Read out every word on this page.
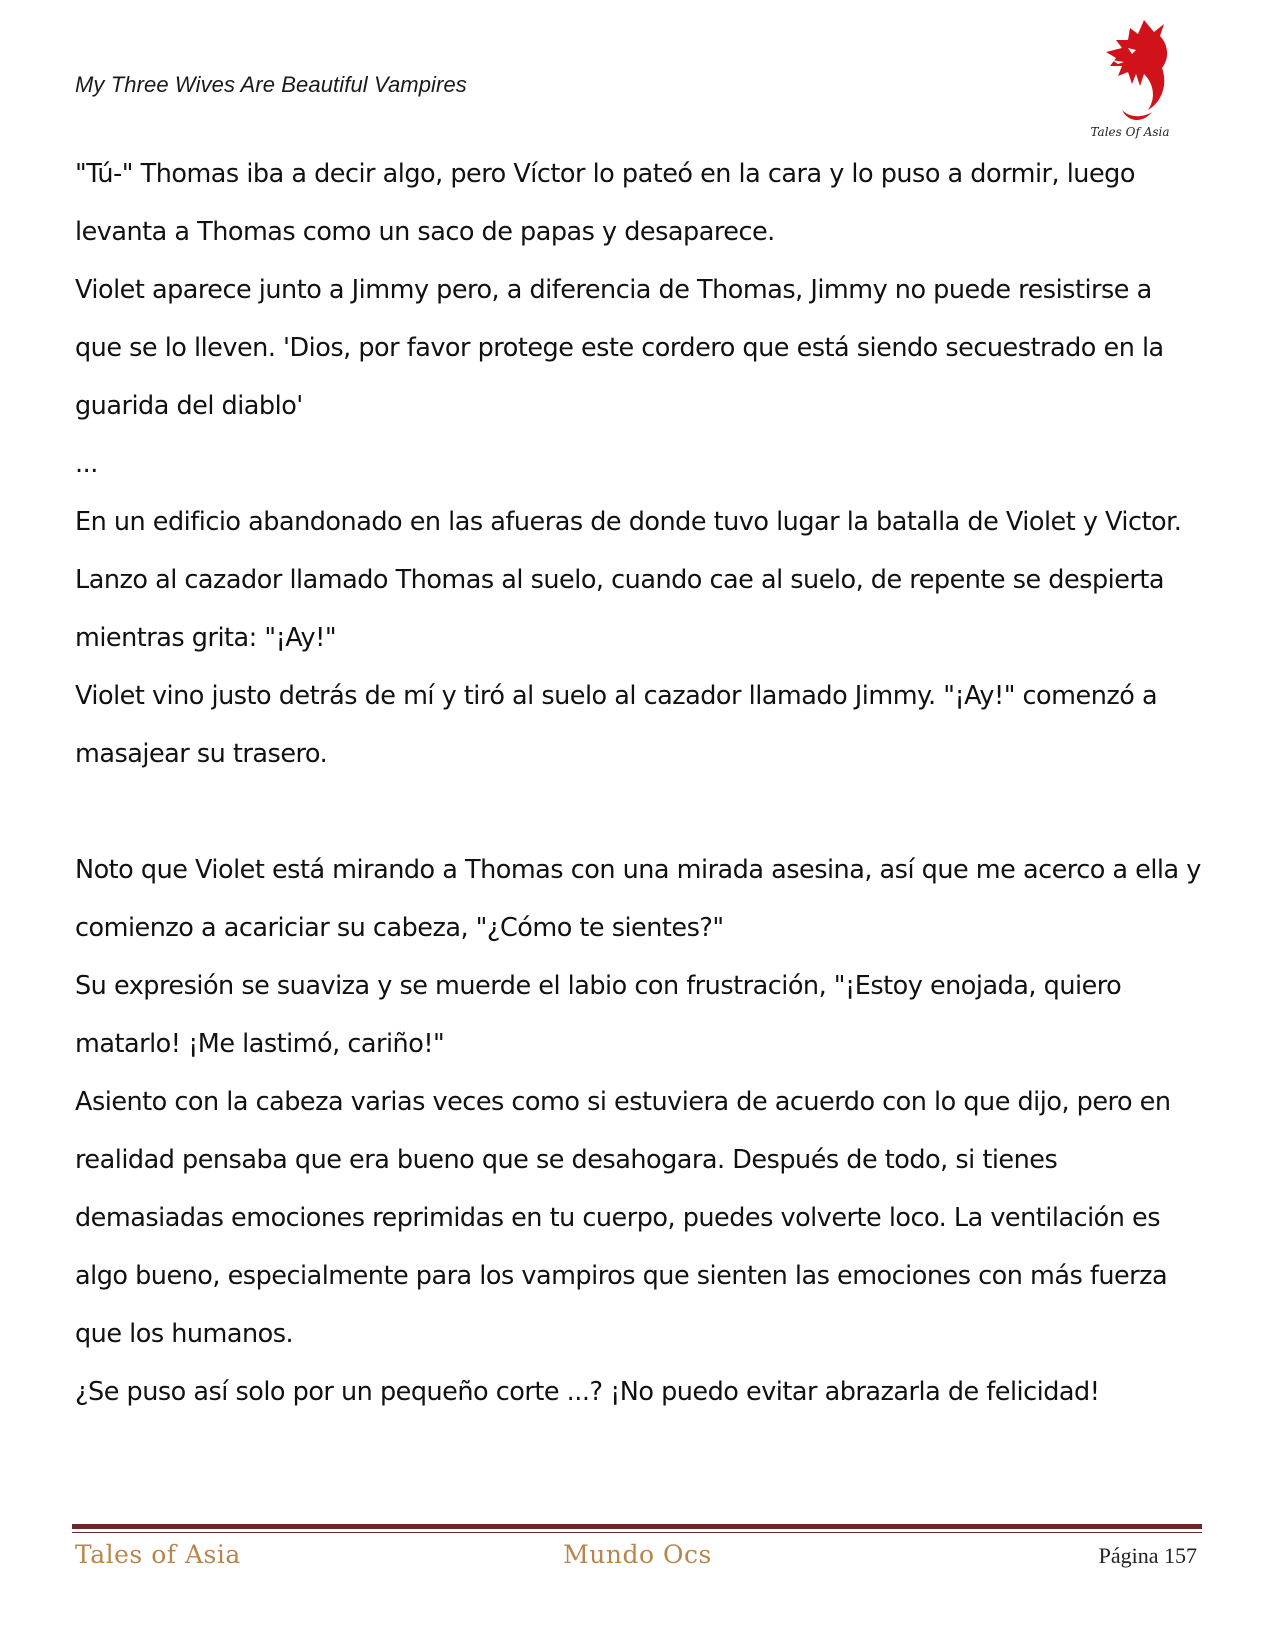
My Three Wives Are Beautiful Vampires
Tales Of Asia

"Tú-" Thomas iba a decir algo, pero Víctor lo pateó en la cara y lo puso a dormir, luego levanta a Thomas como un saco de papas y desaparece.

Violet aparece junto a Jimmy pero, a diferencia de Thomas, Jimmy no puede resistirse a que se lo lleven. 'Dios, por favor protege este cordero que está siendo secuestrado en la guarida del diablo'

...

En un edificio abandonado en las afueras de donde tuvo lugar la batalla de Violet y Victor.

Lanzo al cazador llamado Thomas al suelo, cuando cae al suelo, de repente se despierta mientras grita: "¡Ay!"

Violet vino justo detrás de mí y tiró al suelo al cazador llamado Jimmy. "¡Ay!" comenzó a masajear su trasero.

Noto que Violet está mirando a Thomas con una mirada asesina, así que me acerco a ella y comienzo a acariciar su cabeza, "¿Cómo te sientes?"

Su expresión se suaviza y se muerde el labio con frustración, "¡Estoy enojada, quiero matarlo! ¡Me lastimó, cariño!"

Asiento con la cabeza varias veces como si estuviera de acuerdo con lo que dijo, pero en realidad pensaba que era bueno que se desahogara. Después de todo, si tienes demasiadas emociones reprimidas en tu cuerpo, puedes volverte loco. La ventilación es algo bueno, especialmente para los vampiros que sienten las emociones con más fuerza que los humanos.

¿Se puso así solo por un pequeño corte ...? ¡No puedo evitar abrazarla de felicidad!

Tales of Asia	Mundo Ocs	Página 157
